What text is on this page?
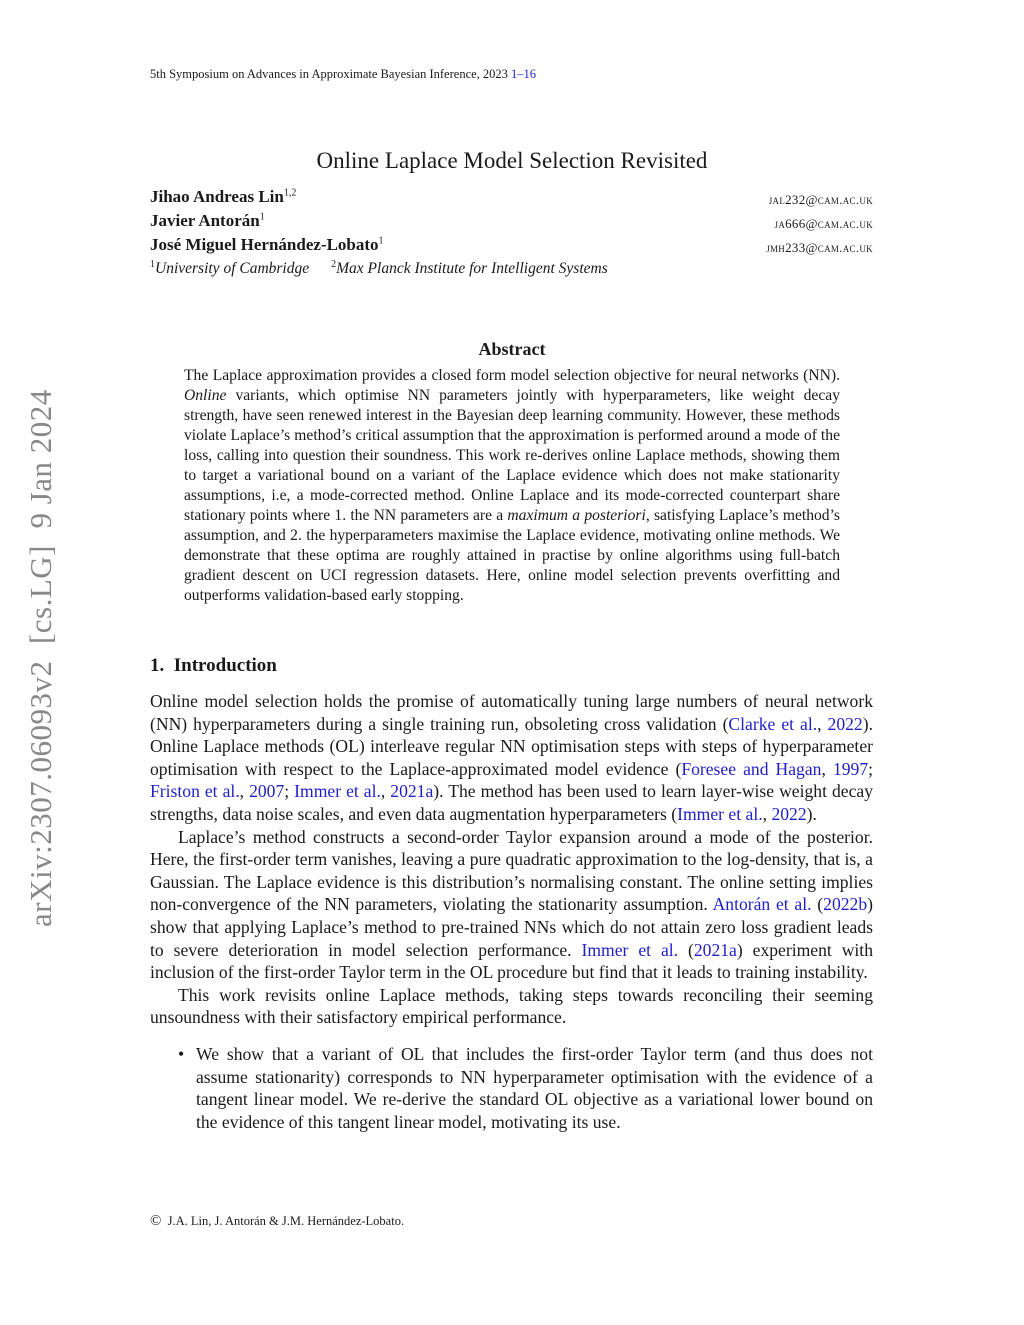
5th Symposium on Advances in Approximate Bayesian Inference, 2023 1–16
Online Laplace Model Selection Revisited
Jihao Andreas Lin$^{1,2}$	jal232@cam.ac.uk
Javier Antorán$^1$	ja666@cam.ac.uk
José Miguel Hernández-Lobato$^1$	jmh233@cam.ac.uk
$^1$University of Cambridge $^2$Max Planck Institute for Intelligent Systems
arXiv:2307.06093v2  [cs.LG]  9 Jan 2024
Abstract
The Laplace approximation provides a closed form model selection objective for neural networks (NN). Online variants, which optimise NN parameters jointly with hyperparameters, like weight decay strength, have seen renewed interest in the Bayesian deep learning community. However, these methods violate Laplace’s method’s critical assumption that the approximation is performed around a mode of the loss, calling into question their soundness. This work re-derives online Laplace methods, showing them to target a variational bound on a variant of the Laplace evidence which does not make stationarity assumptions, i.e, a mode-corrected method. Online Laplace and its mode-corrected counterpart share stationary points where 1. the NN parameters are a maximum a posteriori, satisfying Laplace’s method’s assumption, and 2. the hyperparameters maximise the Laplace evidence, motivating online methods. We demonstrate that these optima are roughly attained in practise by online algorithms using full-batch gradient descent on UCI regression datasets. Here, online model selection prevents overfitting and outperforms validation-based early stopping.
1.  Introduction

Online model selection holds the promise of automatically tuning large numbers of neural network (NN) hyperparameters during a single training run, obsoleting cross validation (Clarke et al., 2022). Online Laplace methods (OL) interleave regular NN optimisation steps with steps of hyperparameter optimisation with respect to the Laplace-approximated model evidence (Foresee and Hagan, 1997; Friston et al., 2007; Immer et al., 2021a). The method has been used to learn layer-wise weight decay strengths, data noise scales, and even data augmentation hyperparameters (Immer et al., 2022).

Laplace’s method constructs a second-order Taylor expansion around a mode of the posterior. Here, the first-order term vanishes, leaving a pure quadratic approximation to the log-density, that is, a Gaussian. The Laplace evidence is this distribution’s normalising constant. The online setting implies non-convergence of the NN parameters, violating the stationarity assumption. Antorán et al. (2022b) show that applying Laplace’s method to pre-trained NNs which do not attain zero loss gradient leads to severe deterioration in model selection performance. Immer et al. (2021a) experiment with inclusion of the first-order Taylor term in the OL procedure but find that it leads to training instability.

This work revisits online Laplace methods, taking steps towards reconciling their seeming unsoundness with their satisfactory empirical performance.

• We show that a variant of OL that includes the first-order Taylor term (and thus does not assume stationarity) corresponds to NN hyperparameter optimisation with the evidence of a tangent linear model. We re-derive the standard OL objective as a variational lower bound on the evidence of this tangent linear model, motivating its use.
© J.A. Lin, J. Antorán & J.M. Hernández-Lobato.
